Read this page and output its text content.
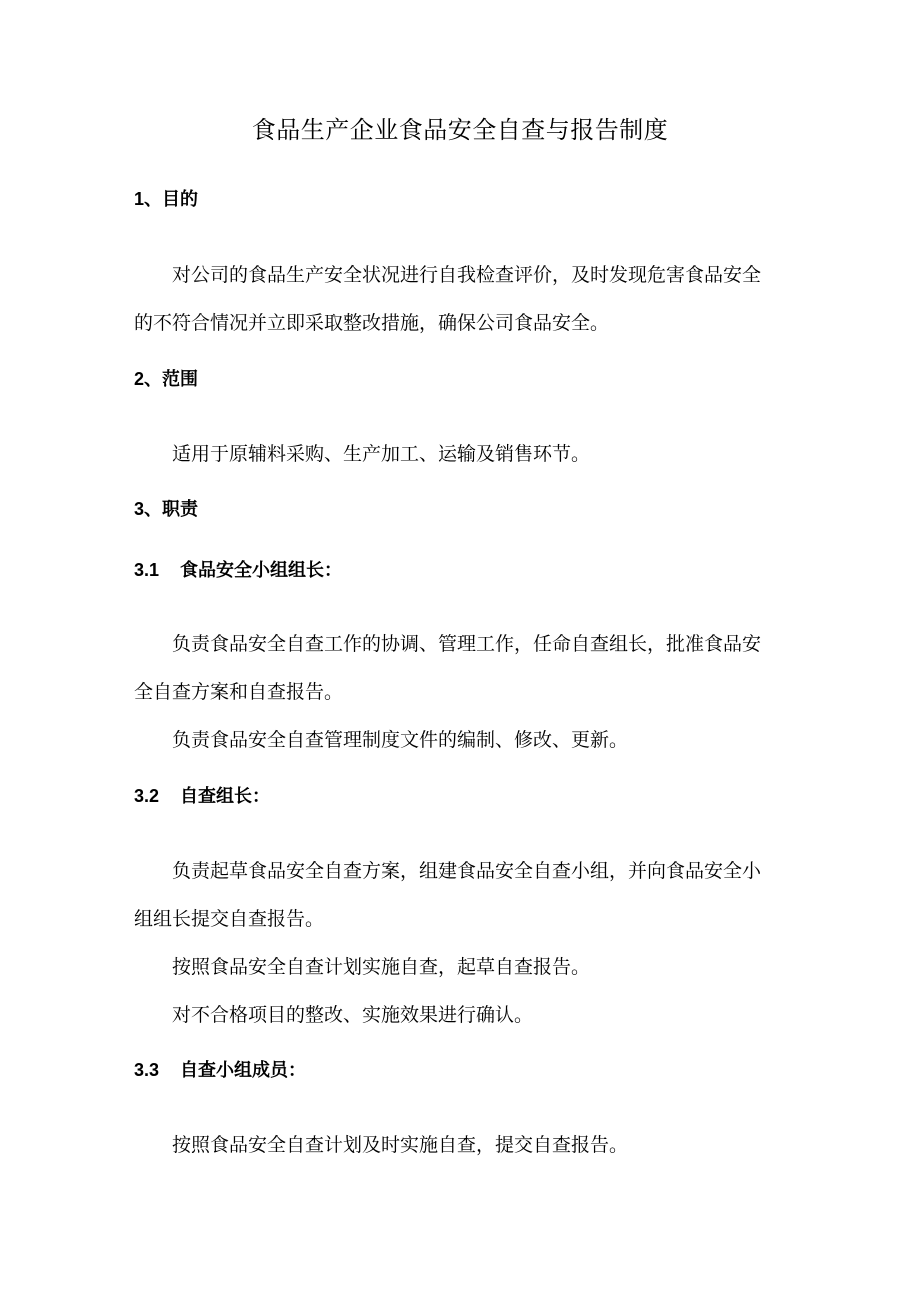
食品生产企业食品安全自查与报告制度
1、目的

对公司的食品生产安全状况进行自我检查评价，及时发现危害食品安全

的不符合情况并立即采取整改措施，确保公司食品安全。

2、范围

适用于原辅料采购、生产加工、运输及销售环节。

3、职责
3.1 食品安全小组组长：

负责食品安全自查工作的协调、管理工作，任命自查组长，批准食品安

全自查方案和自查报告。

负责食品安全自查管理制度文件的编制、修改、更新。

3.2 自查组长：

负责起草食品安全自查方案，组建食品安全自查小组，并向食品安全小

组组长提交自查报告。

按照食品安全自查计划实施自查，起草自查报告。

对不合格项目的整改、实施效果进行确认。

3.3 自查小组成员：

按照食品安全自查计划及时实施自查，提交自查报告。
